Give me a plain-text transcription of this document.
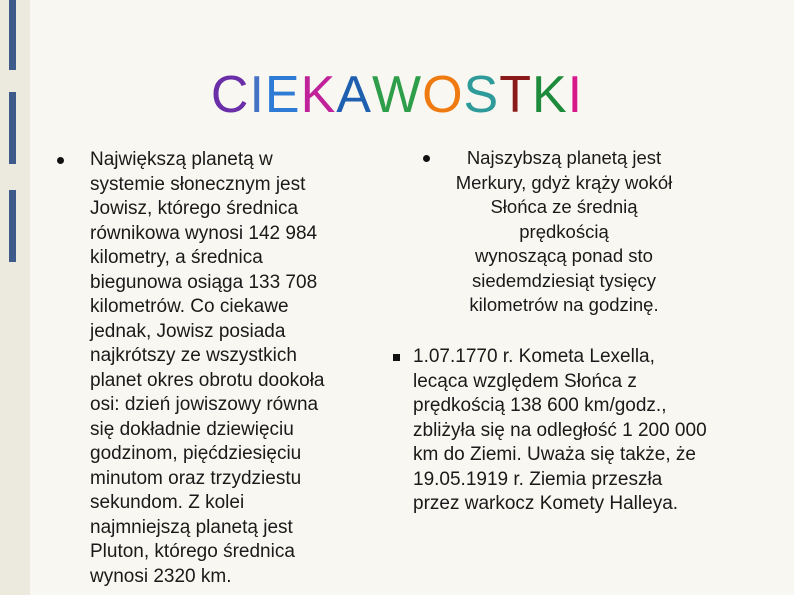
CIEKAWOSTKI
Największą planetą w
systemie słonecznym jest
Jowisz, którego średnica
równikowa wynosi 142 984
kilometry, a średnica
biegunowa osiąga 133 708
kilometrów. Co ciekawe
jednak, Jowisz posiada
najkrótszy ze wszystkich
planet okres obrotu dookoła
osi: dzień jowiszowy równa
się dokładnie dziewięciu
godzinom, pięćdziesięciu
minutom oraz trzydziestu
sekundom. Z kolei
najmniejszą planetą jest
Pluton, którego średnica
wynosi 2320 km.
Najszybszą planetą jest
Merkury, gdyż krąży wokół
Słońca ze średnią prędkością
wynoszącą ponad sto
siedemdziesiąt tysięcy
kilometrów na godzinę.
1.07.1770 r. Kometa Lexella,
lecąca względem Słońca z
prędkością 138 600 km/godz.,
zbliżyła się na odległość 1 200 000
km do Ziemi. Uważa się także, że
19.05.1919 r. Ziemia przeszła
przez warkocz Komety Halleya.
